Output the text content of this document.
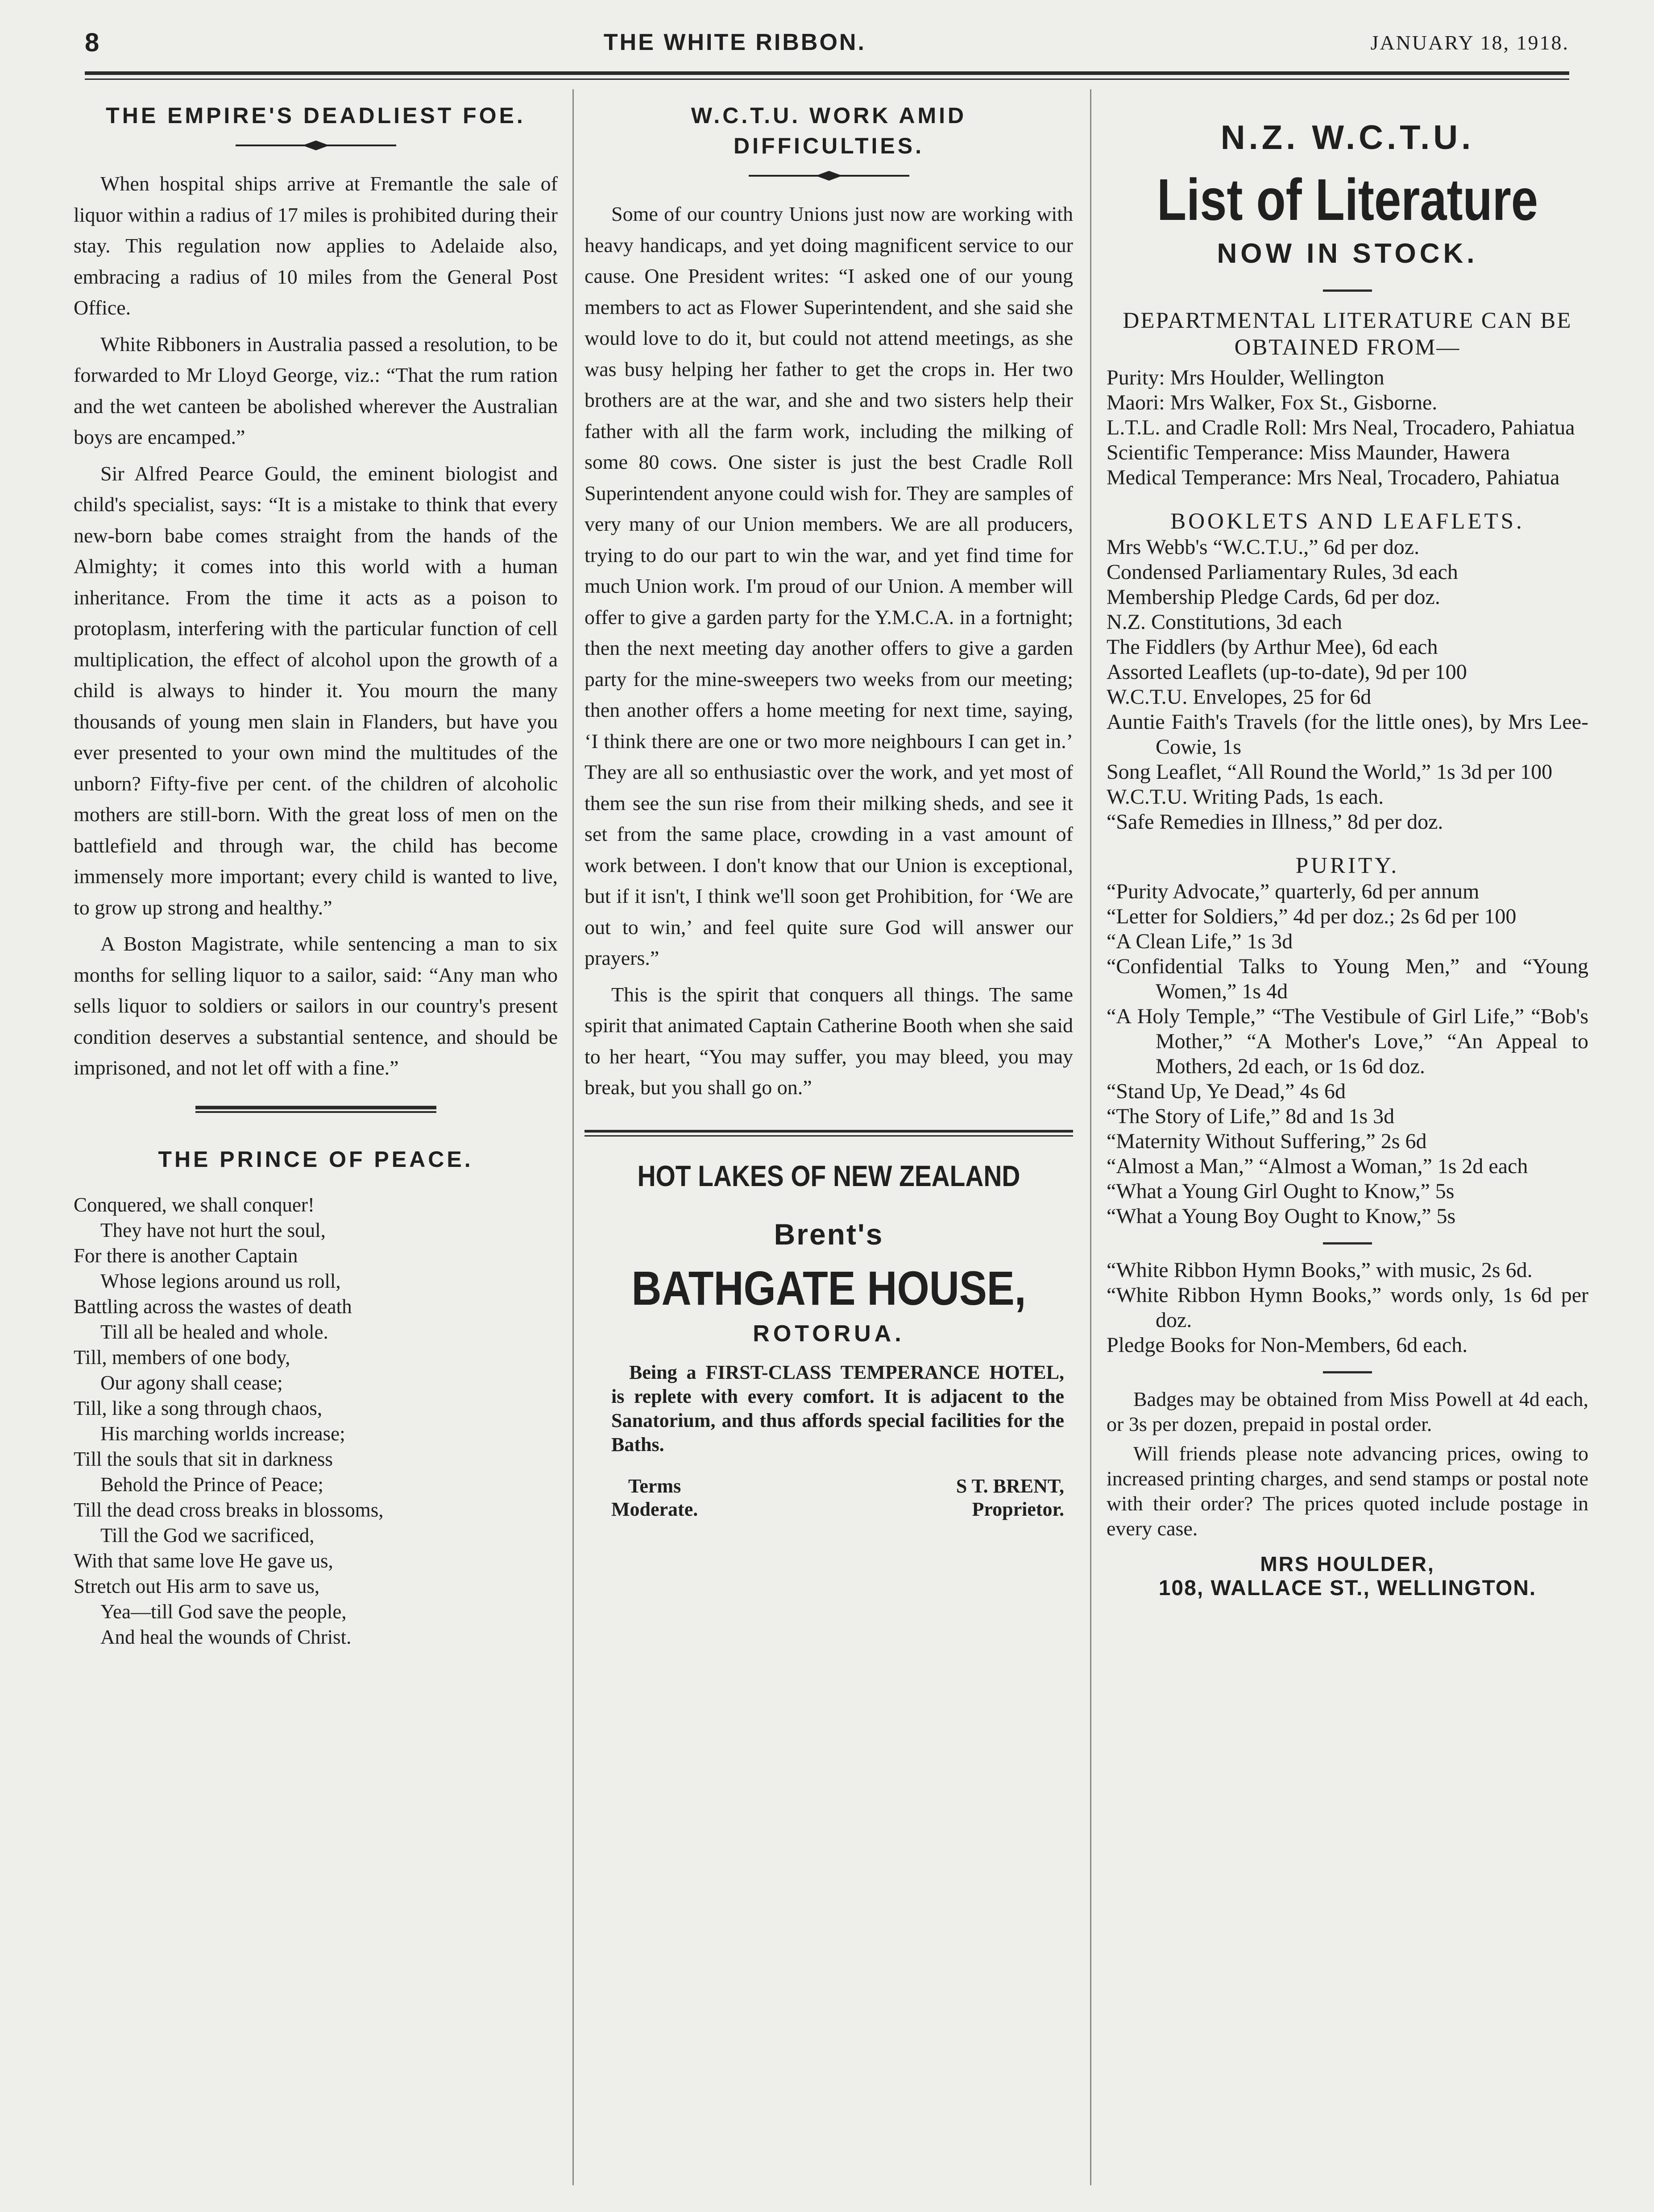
8	THE WHITE RIBBON.	JANUARY 18, 1918.
THE EMPIRE'S DEADLIEST FOE.

When hospital ships arrive at Fremantle the sale of liquor within a radius of 17 miles is prohibited during their stay. This regulation now applies to Adelaide also, embracing a radius of 10 miles from the General Post Office.

White Ribboners in Australia passed a resolution, to be forwarded to Mr Lloyd George, viz.: “That the rum ration and the wet canteen be abolished wherever the Australian boys are encamped.”

Sir Alfred Pearce Gould, the eminent biologist and child's specialist, says: “It is a mistake to think that every new-born babe comes straight from the hands of the Almighty; it comes into this world with a human inheritance. From the time it acts as a poison to protoplasm, interfering with the particular function of cell multiplication, the effect of alcohol upon the growth of a child is always to hinder it. You mourn the many thousands of young men slain in Flanders, but have you ever presented to your own mind the multitudes of the unborn? Fifty-five per cent. of the children of alcoholic mothers are still-born. With the great loss of men on the battlefield and through war, the child has become immensely more important; every child is wanted to live, to grow up strong and healthy.”

A Boston Magistrate, while sentencing a man to six months for selling liquor to a sailor, said: “Any man who sells liquor to soldiers or sailors in our country's present condition deserves a substantial sentence, and should be imprisoned, and not let off with a fine.”

THE PRINCE OF PEACE.
Conquered, we shall conquer!
They have not hurt the soul,
For there is another Captain
Whose legions around us roll,
Battling across the wastes of death
Till all be healed and whole.
Till, members of one body,
Our agony shall cease;
Till, like a song through chaos,
His marching worlds increase;
Till the souls that sit in darkness
Behold the Prince of Peace;
Till the dead cross breaks in blossoms,
Till the God we sacrificed,
With that same love He gave us,
Stretch out His arm to save us,
Yea—till God save the people,
And heal the wounds of Christ.
W.C.T.U. WORK AMID DIFFICULTIES.

Some of our country Unions just now are working with heavy handicaps, and yet doing magnificent service to our cause. One President writes: “I asked one of our young members to act as Flower Superintendent, and she said she would love to do it, but could not attend meetings, as she was busy helping her father to get the crops in. Her two brothers are at the war, and she and two sisters help their father with all the farm work, including the milking of some 80 cows. One sister is just the best Cradle Roll Superintendent anyone could wish for. They are samples of very many of our Union members. We are all producers, trying to do our part to win the war, and yet find time for much Union work. I'm proud of our Union. A member will offer to give a garden party for the Y.M.C.A. in a fortnight; then the next meeting day another offers to give a garden party for the mine-sweepers two weeks from our meeting; then another offers a home meeting for next time, saying, ‘I think there are one or two more neighbours I can get in.’ They are all so enthusiastic over the work, and yet most of them see the sun rise from their milking sheds, and see it set from the same place, crowding in a vast amount of work between. I don't know that our Union is exceptional, but if it isn't, I think we'll soon get Prohibition, for ‘We are out to win,’ and feel quite sure God will answer our prayers.”

This is the spirit that conquers all things. The same spirit that animated Captain Catherine Booth when she said to her heart, “You may suffer, you may bleed, you may break, but you shall go on.”

HOT LAKES OF NEW ZEALAND
Brent's
BATHGATE HOUSE,
ROTORUA.
Being a FIRST-CLASS TEMPERANCE HOTEL, is replete with every comfort. It is adjacent to the Sanatorium, and thus affords special facilities for the Baths.
Terms
Moderate.
S T. BRENT,
Proprietor.
N.Z. W.C.T.U.
List of Literature
NOW IN STOCK.
DEPARTMENTAL LITERATURE CAN BE OBTAINED FROM—
Purity: Mrs Houlder, Wellington
Maori: Mrs Walker, Fox St., Gisborne.
L.T.L. and Cradle Roll: Mrs Neal, Trocadero, Pahiatua
Scientific Temperance: Miss Maunder, Hawera
Medical Temperance: Mrs Neal, Trocadero, Pahiatua
BOOKLETS AND LEAFLETS.
Mrs Webb's “W.C.T.U.,” 6d per doz.
Condensed Parliamentary Rules, 3d each
Membership Pledge Cards, 6d per doz.
N.Z. Constitutions, 3d each
The Fiddlers (by Arthur Mee), 6d each
Assorted Leaflets (up-to-date), 9d per 100
W.C.T.U. Envelopes, 25 for 6d
Auntie Faith's Travels (for the little ones), by Mrs Lee-Cowie, 1s
Song Leaflet, “All Round the World,” 1s 3d per 100
W.C.T.U. Writing Pads, 1s each.
“Safe Remedies in Illness,” 8d per doz.
PURITY.
“Purity Advocate,” quarterly, 6d per annum
“Letter for Soldiers,” 4d per doz.; 2s 6d per 100
“A Clean Life,” 1s 3d
“Confidential Talks to Young Men,” and “Young Women,” 1s 4d
“A Holy Temple,” “The Vestibule of Girl Life,” “Bob's Mother,” “A Mother's Love,” “An Appeal to Mothers, 2d each, or 1s 6d doz.
“Stand Up, Ye Dead,” 4s 6d
“The Story of Life,” 8d and 1s 3d
“Maternity Without Suffering,” 2s 6d
“Almost a Man,” “Almost a Woman,” 1s 2d each
“What a Young Girl Ought to Know,” 5s
“What a Young Boy Ought to Know,” 5s
“White Ribbon Hymn Books,” with music, 2s 6d.
“White Ribbon Hymn Books,” words only, 1s 6d per doz.
Pledge Books for Non-Members, 6d each.
Badges may be obtained from Miss Powell at 4d each, or 3s per dozen, prepaid in postal order.
Will friends please note advancing prices, owing to increased printing charges, and send stamps or postal note with their order? The prices quoted include postage in every case.
MRS HOULDER,
108, WALLACE ST., WELLINGTON.
